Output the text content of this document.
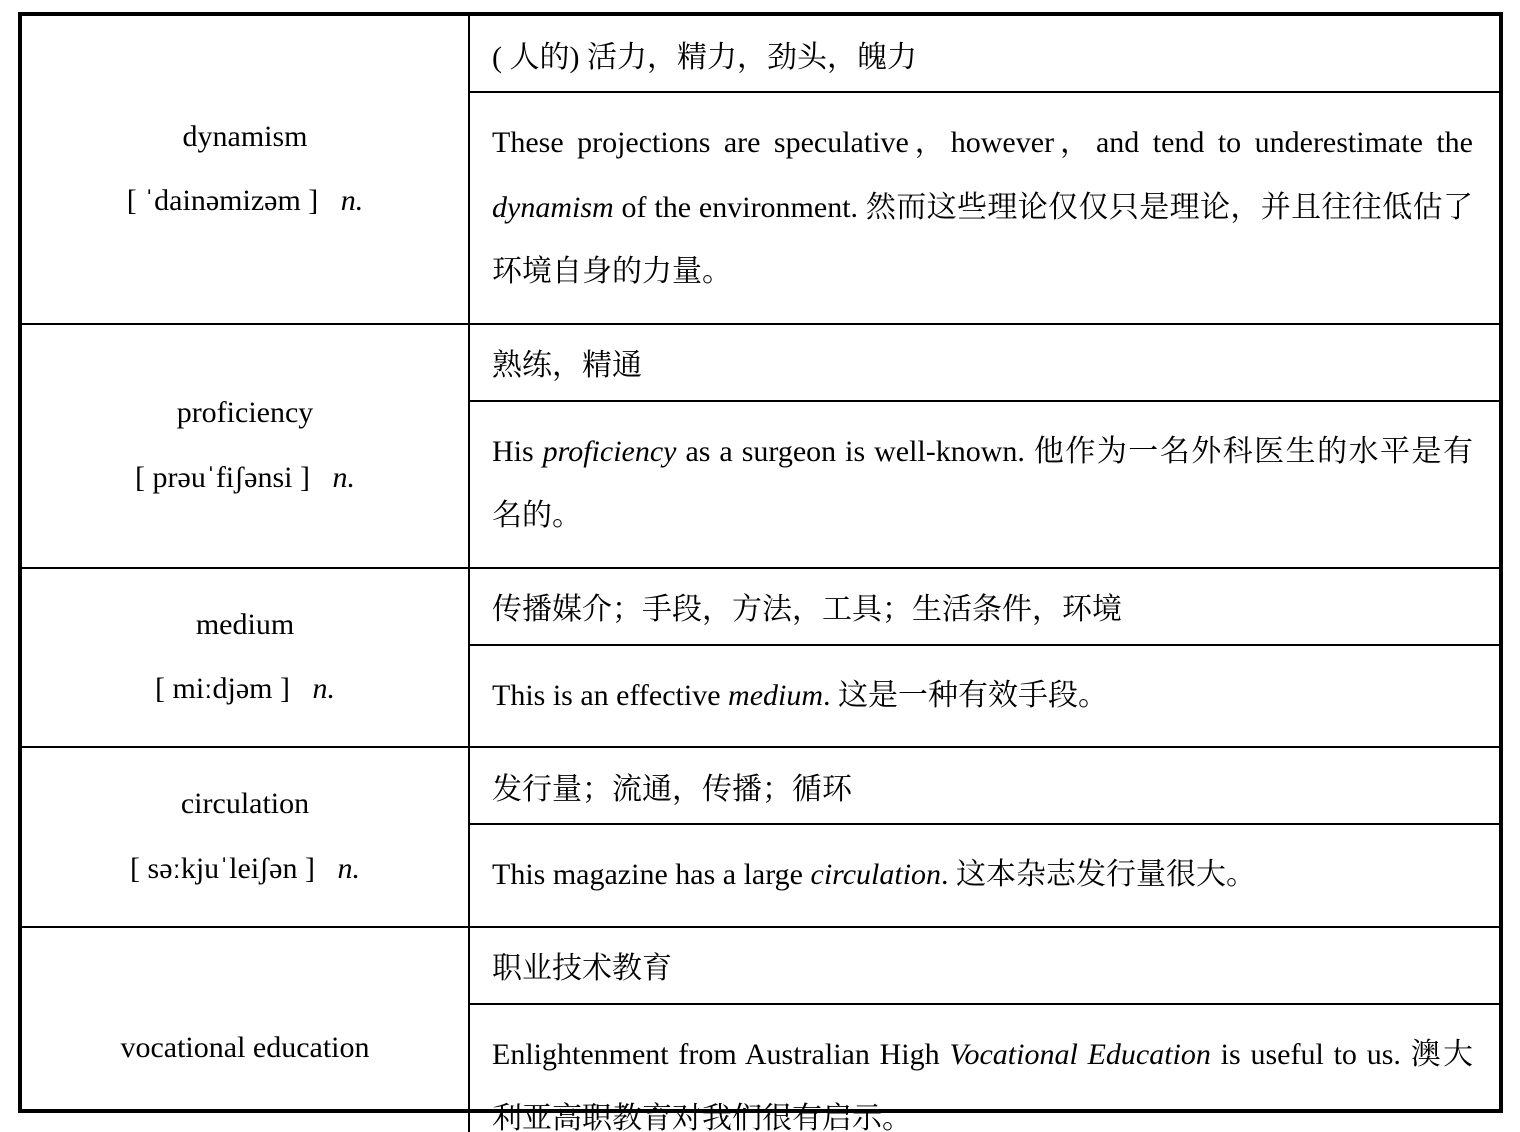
dynamism
[ ˈdainəmizəm ] n.
( 人的) 活力，精力，劲头，魄力
These projections are speculative，however，and tend to underestimate the dynamism of the environment. 然而这些理论仅仅只是理论，并且往往低估了环境自身的力量。
proficiency
[ prəuˈfiʃənsi ] n.
熟练，精通
His proficiency as a surgeon is well-known. 他作为一名外科医生的水平是有名的。
medium
[ miːdjəm ] n.
传播媒介；手段，方法，工具；生活条件，环境
This is an effective medium. 这是一种有效手段。
circulation
[ səːkjuˈleiʃən ] n.
发行量；流通，传播；循环
This magazine has a large circulation. 这本杂志发行量很大。
vocational education
职业技术教育
Enlightenment from Australian High Vocational Education is useful to us. 澳大利亚高职教育对我们很有启示。
